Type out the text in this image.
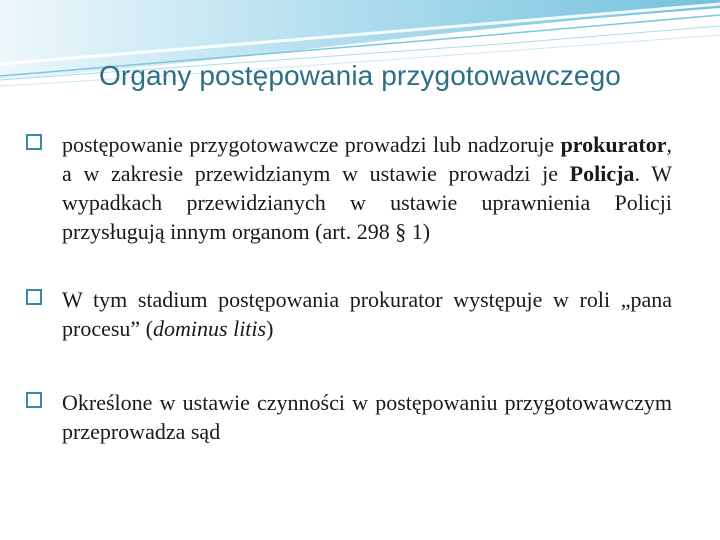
Organy postępowania przygotowawczego
postępowanie przygotowawcze prowadzi lub nadzoruje prokurator, a w zakresie przewidzianym w ustawie prowadzi je Policja. W wypadkach przewidzianych w ustawie uprawnienia Policji przysługują innym organom (art. 298 § 1)
W tym stadium postępowania prokurator występuje w roli „pana procesu” (dominus litis)
Określone w ustawie czynności w postępowaniu przygotowawczym przeprowadza sąd
